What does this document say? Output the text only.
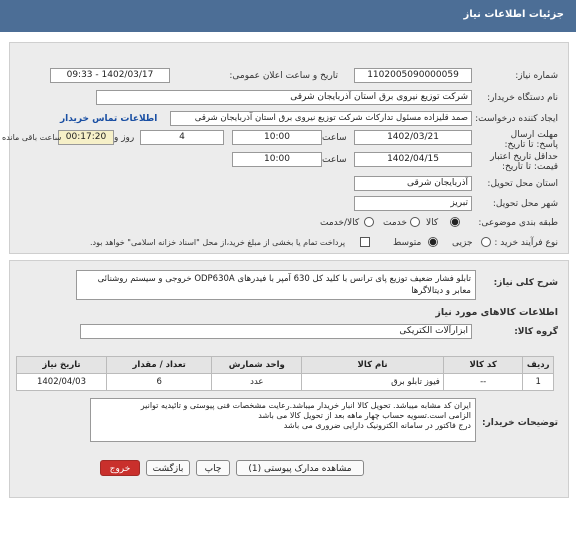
جزئیات اطلاعات نیاز
شماره نیاز:
1102005090000059
تاریخ و ساعت اعلان عمومی:
1402/03/17 - 09:33
نام دستگاه خریدار:
شرکت توزیع نیروی برق استان آذربایجان شرقی
ایجاد کننده درخواست:
صمد قلیزاده مسئول تدارکات شرکت توزیع نیروی برق استان آذربایجان شرقی
اطلاعات تماس خریدار
مهلت ارسال پاسخ: تا تاریخ:
1402/03/21
ساعت
10:00
4
روز و
00:17:20
ساعت باقی مانده
حداقل تاریخ اعتبار قیمت: تا تاریخ:
1402/04/15
ساعت
10:00
استان محل تحویل:
آذربایجان شرقی
شهر محل تحویل:
تبریز
طبقه بندی موضوعی:
کالا
خدمت
کالا/خدمت
نوع فرآیند خرید :
جزیی
متوسط
پرداخت تمام یا بخشی از مبلغ خرید،از محل "اسناد خزانه اسلامی" خواهد بود.
شرح کلی نیاز:
تابلو فشار ضعیف توزیع پای ترانس با کلید کل 630 آمپر با فیدرهای ODP630A خروجی و سیستم روشنائی معابر و دیتالاگرها
اطلاعات کالاهای مورد نیاز
گروه کالا:
ابزارآلات الکتریکی
ردیف	کد کالا	نام کالا	واحد شمارش	تعداد / مقدار	تاریخ نیاز
1	--	فیوز تابلو برق	عدد	6	1402/04/03
توضیحات خریدار:
ایران کد مشابه میباشد. تحویل کالا انبار خریدار میباشد.رعایت مشخصات فنی پیوستی و تائیدیه توانیر
الزامی است.تسویه حساب چهار ماهه بعد از تحویل کالا می باشد
درج فاکتور در سامانه الکترونیک دارایی ضروری می باشد
مشاهده مدارک پیوستی (1)
چاپ
بازگشت
خروج
